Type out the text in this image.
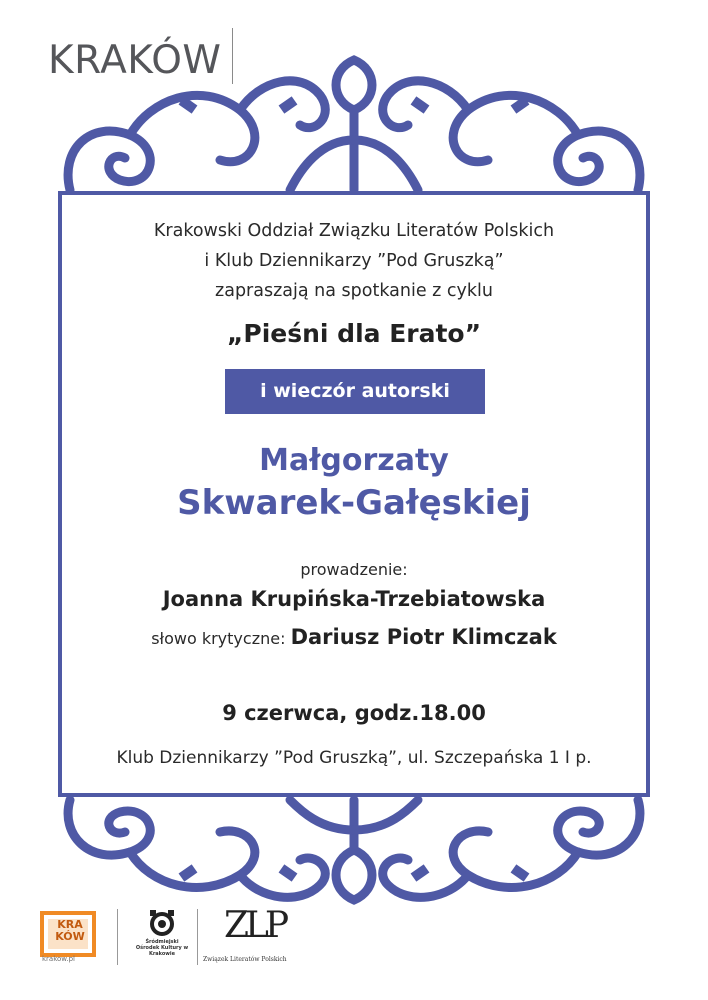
KRAKÓW
Krakowski Oddział Związku Literatów Polskich
i Klub Dziennikarzy ”Pod Gruszką”
zapraszają na spotkanie z cyklu
„Pieśni dla Erato”
i wieczór autorski
Małgorzaty
Skwarek-Gałęskiej
prowadzenie:
Joanna Krupińska-Trzebiatowska
słowo krytyczne: Dariusz Piotr Klimczak
9 czerwca, godz.18.00
Klub Dziennikarzy ”Pod Gruszką”, ul. Szczepańska 1 I p.
KRA KÓW
krakow.pl
Śródmiejski Ośrodek Kultury w Krakowie
ZLP
Związek Literatów Polskich
